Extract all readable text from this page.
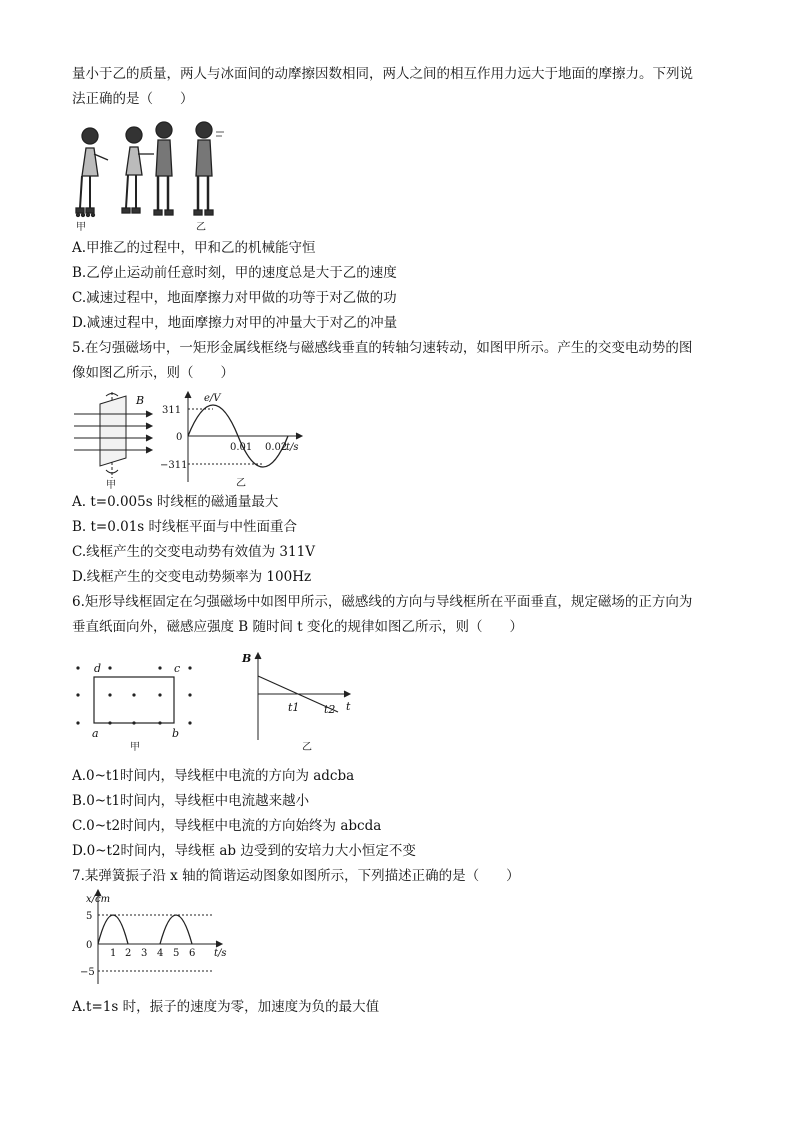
量小于乙的质量，两人与冰面间的动摩擦因数相同，两人之间的相互作用力远大于地面的摩擦力。下列说
法正确的是（　　）
甲	乙
A.甲推乙的过程中，甲和乙的机械能守恒
B.乙停止运动前任意时刻，甲的速度总是大于乙的速度
C.减速过程中，地面摩擦力对甲做的功等于对乙做的功
D.减速过程中，地面摩擦力对甲的冲量大于对乙的冲量
5.在匀强磁场中，一矩形金属线框绕与磁感线垂直的转轴匀速转动，如图甲所示。产生的交变电动势的图
像如图乙所示，则（　　）
B
甲
e/V
311
0
−311
0.01 0.02
t/s
乙
A. t=0.005s 时线框的磁通量最大
B. t=0.01s 时线框平面与中性面重合
C.线框产生的交变电动势有效值为 311V
D.线框产生的交变电动势频率为 100Hz
6.矩形导线框固定在匀强磁场中如图甲所示，磁感线的方向与导线框所在平面垂直，规定磁场的正方向为
垂直纸面向外，磁感应强度 B 随时间 t 变化的规律如图乙所示，则（　　）
d	c
a	b
甲
B
t1 t2 t
乙
A.0~t1时间内，导线框中电流的方向为 adcba
B.0~t1时间内，导线框中电流越来越小
C.0~t2时间内，导线框中电流的方向始终为 abcda
D.0~t2时间内，导线框 ab 边受到的安培力大小恒定不变
7.某弹簧振子沿 x 轴的简谐运动图象如图所示，下列描述正确的是（　　）
x/cm
5
0
−5
1 2 3 4 5 6 t/s
A.t=1s 时，振子的速度为零，加速度为负的最大值
